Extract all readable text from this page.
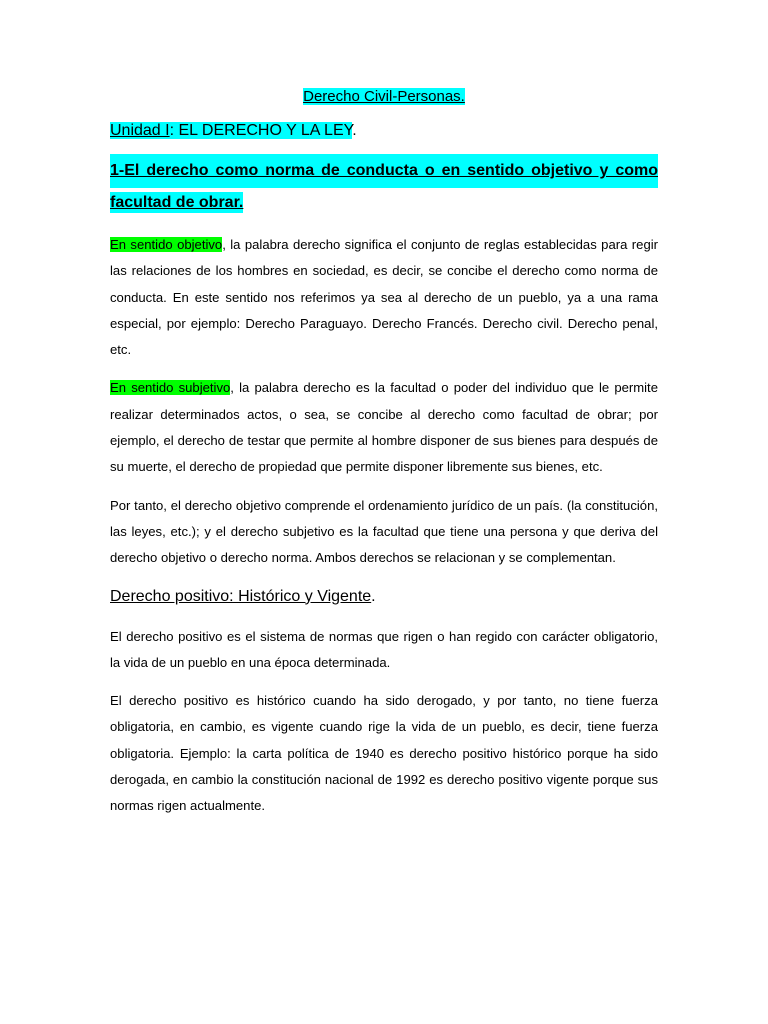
Derecho Civil-Personas.

Unidad I: EL DERECHO Y LA LEY.

1-El derecho como norma de conducta o en sentido objetivo y como
facultad de obrar.

En sentido objetivo, la palabra derecho significa el conjunto de reglas establecidas para regir las relaciones de los hombres en sociedad, es decir, se concibe el derecho como norma de conducta. En este sentido nos referimos ya sea al derecho de un pueblo, ya a una rama especial, por ejemplo: Derecho Paraguayo. Derecho Francés. Derecho civil. Derecho penal, etc.

En sentido subjetivo, la palabra derecho es la facultad o poder del individuo que le permite realizar determinados actos, o sea, se concibe al derecho como facultad de obrar; por ejemplo, el derecho de testar que permite al hombre disponer de sus bienes para después de su muerte, el derecho de propiedad que permite disponer libremente sus bienes, etc.

Por tanto, el derecho objetivo comprende el ordenamiento jurídico de un país. (la constitución, las leyes, etc.); y el derecho subjetivo es la facultad que tiene una persona y que deriva del derecho objetivo o derecho norma. Ambos derechos se relacionan y se complementan.

Derecho positivo: Histórico y Vigente.

El derecho positivo es el sistema de normas que rigen o han regido con carácter obligatorio, la vida de un pueblo en una época determinada.

El derecho positivo es histórico cuando ha sido derogado, y por tanto, no tiene fuerza obligatoria, en cambio, es vigente cuando rige la vida de un pueblo, es decir, tiene fuerza obligatoria. Ejemplo: la carta política de 1940 es derecho positivo histórico porque ha sido derogada, en cambio la constitución nacional de 1992 es derecho positivo vigente porque sus normas rigen actualmente.
